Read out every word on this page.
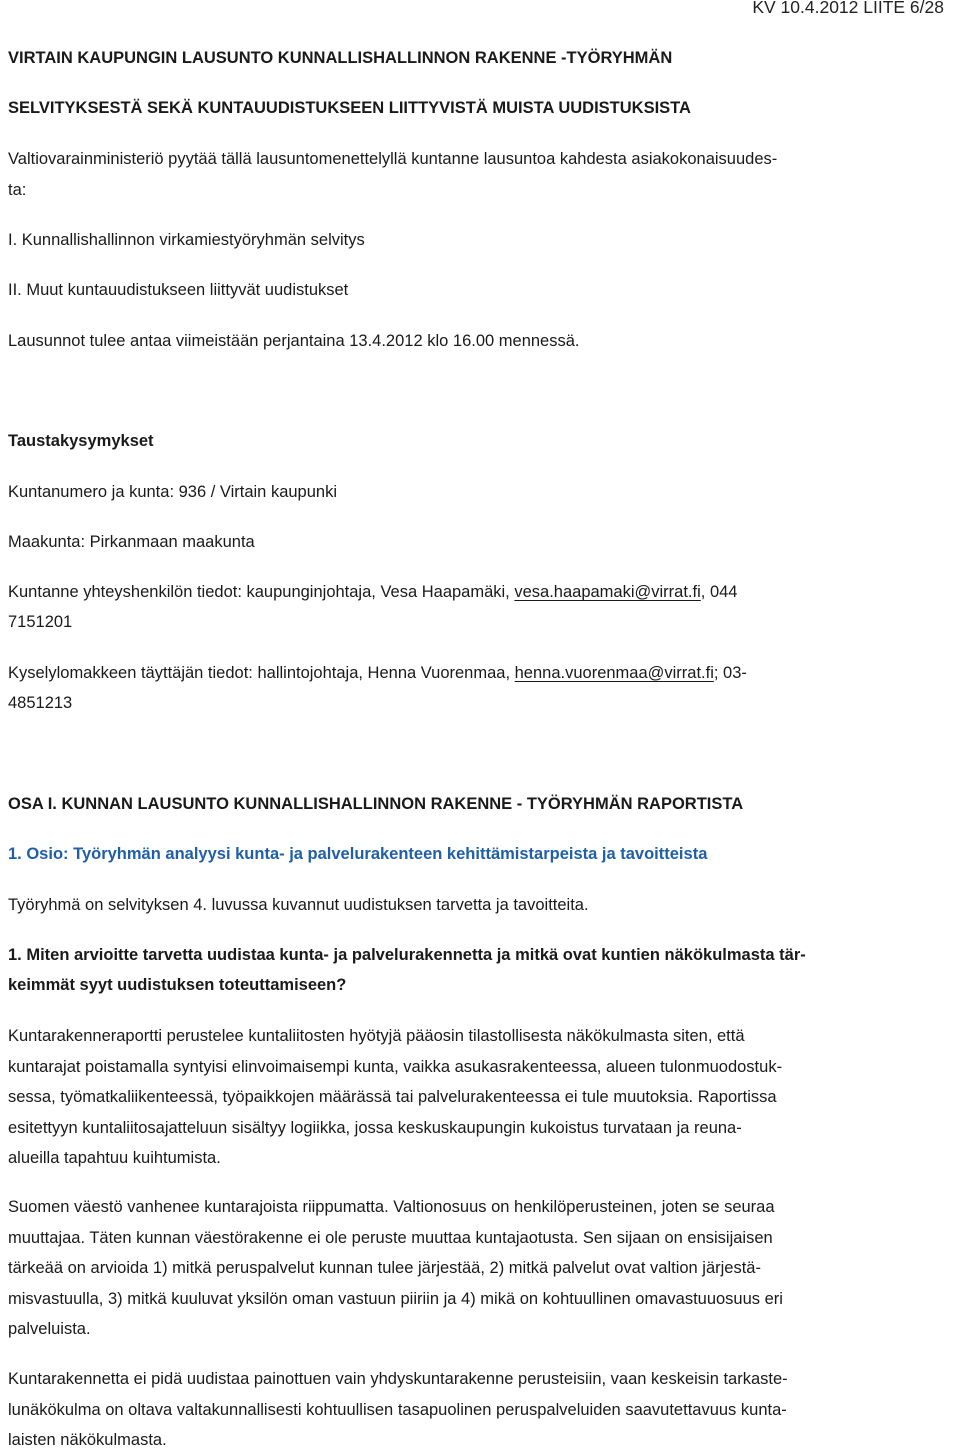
KV 10.4.2012 LIITE 6/28
VIRTAIN KAUPUNGIN LAUSUNTO KUNNALLISHALLINNON RAKENNE -TYÖRYHMÄN
SELVITYKSESTÄ SEKÄ KUNTAUUDISTUKSEEN LIITTYVISTÄ MUISTA UUDISTUKSISTA
Valtiovarainministeriö pyytää tällä lausuntomenettelyllä kuntanne lausuntoa kahdesta asiakokonaisuudes-
ta:
I. Kunnallishallinnon virkamiestyöryhmän selvitys
II. Muut kuntauudistukseen liittyvät uudistukset
Lausunnot tulee antaa viimeistään perjantaina 13.4.2012 klo 16.00 mennessä.
Taustakysymykset
Kuntanumero ja kunta: 936 / Virtain kaupunki
Maakunta: Pirkanmaan maakunta
Kuntanne yhteyshenkilön tiedot: kaupunginjohtaja, Vesa Haapamäki, vesa.haapamaki@virrat.fi, 044
7151201
Kyselylomakkeen täyttäjän tiedot: hallintojohtaja, Henna Vuorenmaa, henna.vuorenmaa@virrat.fi; 03-
4851213
OSA I. KUNNAN LAUSUNTO KUNNALLISHALLINNON RAKENNE - TYÖRYHMÄN RAPORTISTA
1. Osio: Työryhmän analyysi kunta- ja palvelurakenteen kehittämistarpeista ja tavoitteista
Työryhmä on selvityksen 4. luvussa kuvannut uudistuksen tarvetta ja tavoitteita.
1. Miten arvioitte tarvetta uudistaa kunta- ja palvelurakennetta ja mitkä ovat kuntien näkökulmasta tär-
keimmät syyt uudistuksen toteuttamiseen?

Kuntarakenneraportti perustelee kuntaliitosten hyötyjä pääosin tilastollisesta näkökulmasta siten, että

kuntarajat poistamalla syntyisi elinvoimaisempi kunta, vaikka asukasrakenteessa, alueen tulonmuodostuk-

sessa, työmatkaliikenteessä, työpaikkojen määrässä tai palvelurakenteessa ei tule muutoksia. Raportissa

esitettyyn kuntaliitosajatteluun sisältyy logiikka, jossa keskuskaupungin kukoistus turvataan ja reuna-

alueilla tapahtuu kuihtumista.

Suomen väestö vanhenee kuntarajoista riippumatta. Valtionosuus on henkilöperusteinen, joten se seuraa

muuttajaa. Täten kunnan väestörakenne ei ole peruste muuttaa kuntajaotusta. Sen sijaan on ensisijaisen

tärkeää on arvioida 1) mitkä peruspalvelut kunnan tulee järjestää, 2) mitkä palvelut ovat valtion järjestä-

misvastuulla, 3) mitkä kuuluvat yksilön oman vastuun piiriin ja 4) mikä on kohtuullinen omavastuuosuus eri

palveluista.

Kuntarakennetta ei pidä uudistaa painottuen vain yhdyskuntarakenne perusteisiin, vaan keskeisin tarkaste-

lunäkökulma on oltava valtakunnallisesti kohtuullisen tasapuolinen peruspalveluiden saavutettavuus kunta-

laisten näkökulmasta.
